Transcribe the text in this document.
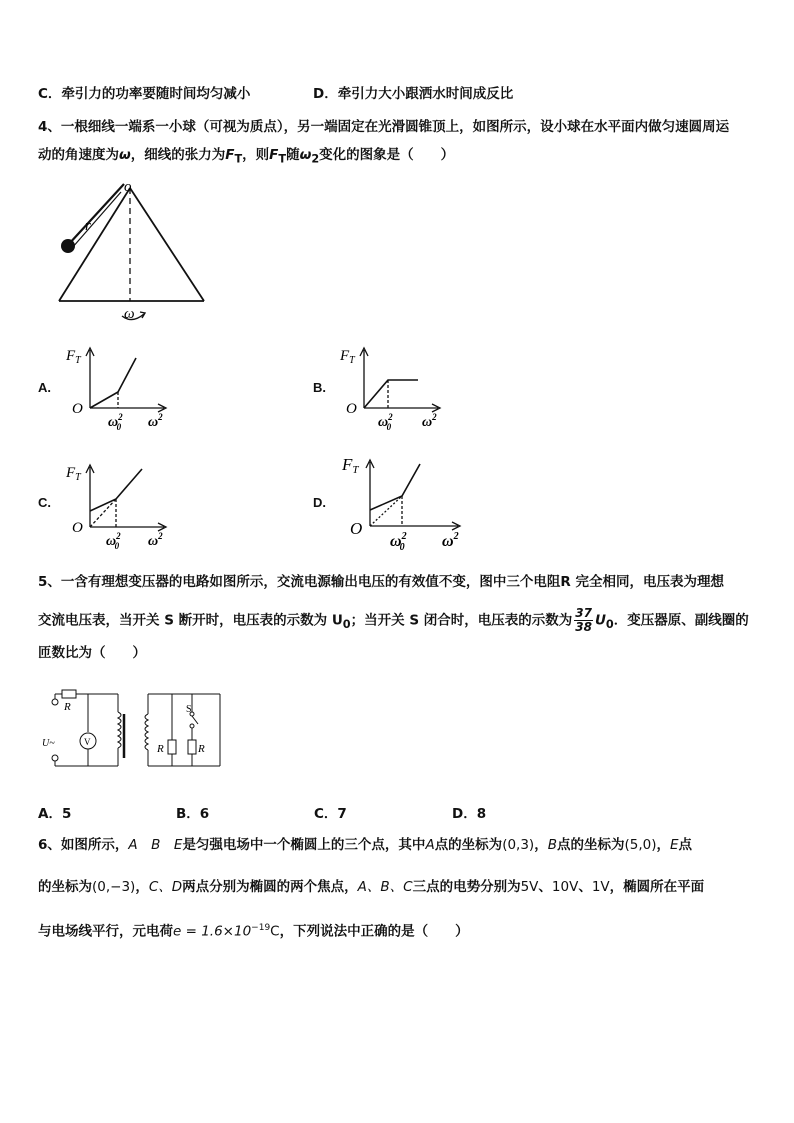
C．牵引力的功率要随时间均匀减小	D．牵引力大小跟洒水时间成反比
4、一根细线一端系一小球（可视为质点），另一端固定在光滑圆锥顶上，如图所示，设小球在水平面内做匀速圆周运
动的角速度为ω，细线的张力为$F_T$，则$F_T$随$\omega_2$变化的图象是（　　）
o
r
ω
A.	B.
C.	D.
$F_T$
O
$\omega^2$ 0 $\omega^2$
$F_T$
O
$\omega^2$ 0 $\omega^2$
$F_T$
O
$\omega^2$ 0 $\omega^2$
FT
O
$\omega^2$ 0 $\omega^2$
5、一含有理想变压器的电路如图所示，交流电源输出电压的有效值不变，图中三个电阻R 完全相同，电压表为理想
交流电压表，当开关 S 断开时，电压表的示数为 $U_0$；当开关 S 闭合时，电压表的示数为 $\frac{37}{38} U_0$．变压器原、副线圈的
匝数比为（　　）
R
U~	V
R
S
R
A．5	B．6	C．7	D．8
6、如图所示，A　B　E是匀强电场中一个椭圆上的三个点，其中A点的坐标为(0,3)，B点的坐标为(5,0)，E点
的坐标为(0,−3)，C、D两点分别为椭圆的两个焦点，A、B、C三点的电势分别为5V、10V、1V，椭圆所在平面
与电场线平行，元电荷$e = 1.6\times 10^{-19}C$，下列说法中正确的是（　　）
